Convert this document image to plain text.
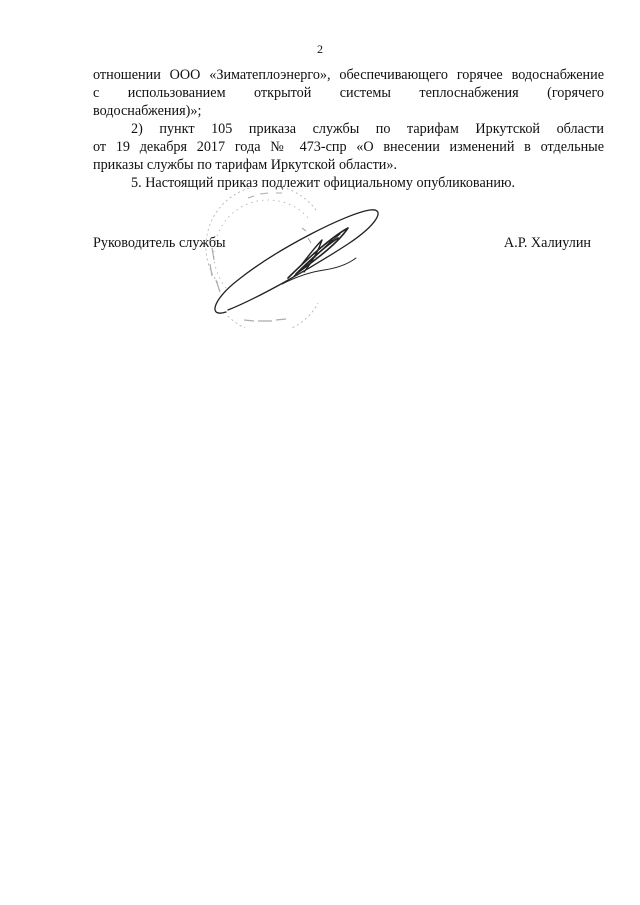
2

отношении ООО «Зиматеплоэнерго», обеспечивающего горячее водоснабжение
с использованием открытой системы теплоснабжения (горячего
водоснабжения)»;

2) пункт 105 приказа службы по тарифам Иркутской области
от 19 декабря 2017 года № 473-спр «О внесении изменений в отдельные
приказы службы по тарифам Иркутской области».

5. Настоящий приказ подлежит официальному опубликованию.

Руководитель службы	А.Р. Халиулин
